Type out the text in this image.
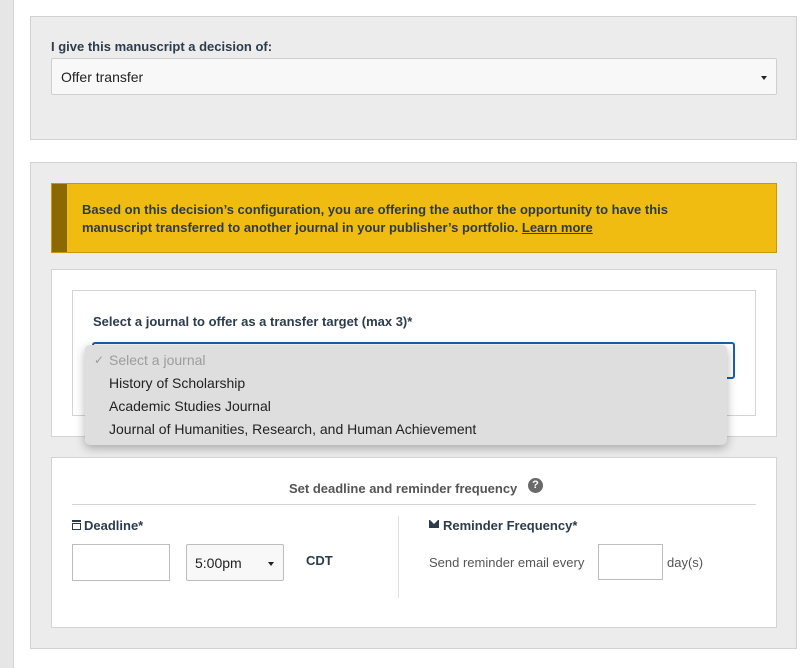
I give this manuscript a decision of:
Offer transfer
Based on this decision’s configuration, you are offering the author the opportunity to have this manuscript transferred to another journal in your publisher’s portfolio. Learn more
Select a journal to offer as a transfer target (max 3)*
✓ Select a journal
History of Scholarship
Academic Studies Journal
Journal of Humanities, Research, and Human Achievement
Set deadline and reminder frequency	?
Deadline*
5:00pm	CDT
Reminder Frequency*
Send reminder email every	day(s)
